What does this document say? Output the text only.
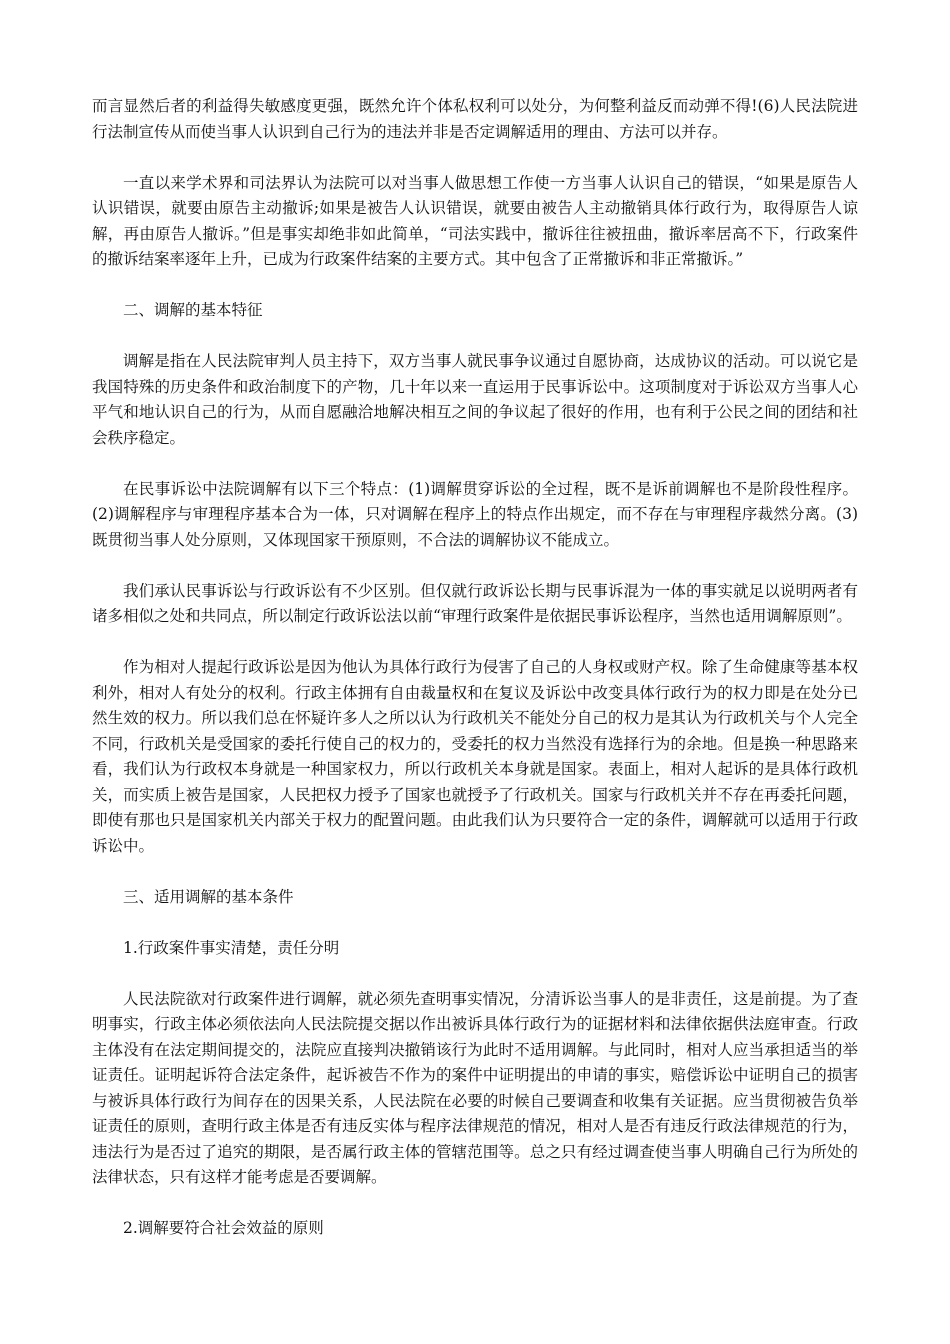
而言显然后者的利益得失敏感度更强，既然允许个体私权利可以处分，为何整利益反而动弹不得!(6)人民法院进行法制宣传从而使当事人认识到自己行为的违法并非是否定调解适用的理由、方法可以并存。

一直以来学术界和司法界认为法院可以对当事人做思想工作使一方当事人认识自己的错误，“如果是原告人认识错误，就要由原告主动撤诉;如果是被告人认识错误，就要由被告人主动撤销具体行政行为，取得原告人谅解，再由原告人撤诉。”但是事实却绝非如此简单，“司法实践中，撤诉往往被扭曲，撤诉率居高不下，行政案件的撤诉结案率逐年上升，已成为行政案件结案的主要方式。其中包含了正常撤诉和非正常撤诉。”

二、调解的基本特征

调解是指在人民法院审判人员主持下，双方当事人就民事争议通过自愿协商，达成协议的活动。可以说它是我国特殊的历史条件和政治制度下的产物，几十年以来一直运用于民事诉讼中。这项制度对于诉讼双方当事人心平气和地认识自己的行为，从而自愿融洽地解决相互之间的争议起了很好的作用，也有利于公民之间的团结和社会秩序稳定。

在民事诉讼中法院调解有以下三个特点：(1)调解贯穿诉讼的全过程，既不是诉前调解也不是阶段性程序。(2)调解程序与审理程序基本合为一体，只对调解在程序上的特点作出规定，而不存在与审理程序裁然分离。(3)既贯彻当事人处分原则，又体现国家干预原则，不合法的调解协议不能成立。

我们承认民事诉讼与行政诉讼有不少区别。但仅就行政诉讼长期与民事诉混为一体的事实就足以说明两者有诸多相似之处和共同点，所以制定行政诉讼法以前“审理行政案件是依据民事诉讼程序，当然也适用调解原则”。

作为相对人提起行政诉讼是因为他认为具体行政行为侵害了自己的人身权或财产权。除了生命健康等基本权利外，相对人有处分的权利。行政主体拥有自由裁量权和在复议及诉讼中改变具体行政行为的权力即是在处分已然生效的权力。所以我们总在怀疑许多人之所以认为行政机关不能处分自己的权力是其认为行政机关与个人完全不同，行政机关是受国家的委托行使自己的权力的，受委托的权力当然没有选择行为的余地。但是换一种思路来看，我们认为行政权本身就是一种国家权力，所以行政机关本身就是国家。表面上，相对人起诉的是具体行政机关，而实质上被告是国家，人民把权力授予了国家也就授予了行政机关。国家与行政机关并不存在再委托问题，即使有那也只是国家机关内部关于权力的配置问题。由此我们认为只要符合一定的条件，调解就可以适用于行政诉讼中。

三、适用调解的基本条件

1.行政案件事实清楚，责任分明

人民法院欲对行政案件进行调解，就必须先查明事实情况，分清诉讼当事人的是非责任，这是前提。为了查明事实，行政主体必须依法向人民法院提交据以作出被诉具体行政行为的证据材料和法律依据供法庭审查。行政主体没有在法定期间提交的，法院应直接判决撤销该行为此时不适用调解。与此同时，相对人应当承担适当的举证责任。证明起诉符合法定条件，起诉被告不作为的案件中证明提出的申请的事实，赔偿诉讼中证明自己的损害与被诉具体行政行为间存在的因果关系，人民法院在必要的时候自己要调查和收集有关证据。应当贯彻被告负举证责任的原则，查明行政主体是否有违反实体与程序法律规范的情况，相对人是否有违反行政法律规范的行为，违法行为是否过了追究的期限，是否属行政主体的管辖范围等。总之只有经过调查使当事人明确自己行为所处的法律状态，只有这样才能考虑是否要调解。

2.调解要符合社会效益的原则
